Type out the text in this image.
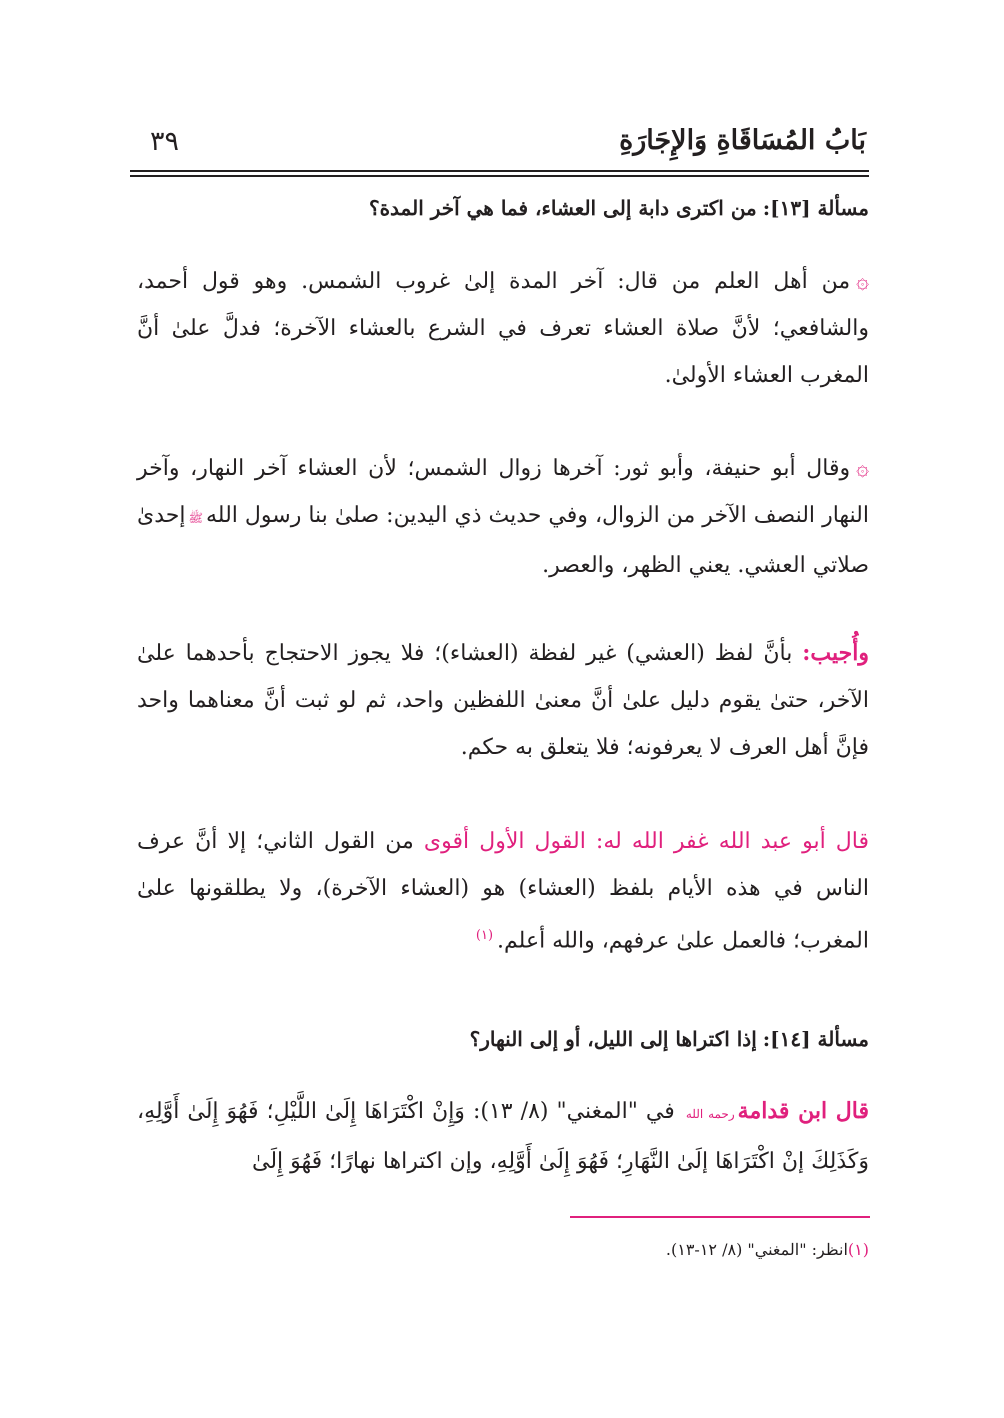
بَابُ المُسَاقَاةِ وَالإِجَارَةِ
٣٩
مسألة [١٣]:من اكترى دابة إلى العشاء، فما هي آخر المدة؟
۞من أهل العلم من قال: آخر المدة إلىٰ غروب الشمس. وهو قول أحمد، والشافعي؛ لأنَّ صلاة العشاء تعرف في الشرع بالعشاء الآخرة؛ فدلَّ علىٰ أنَّ المغرب العشاء الأولىٰ.
۞وقال أبو حنيفة، وأبو ثور: آخرها زوال الشمس؛ لأن العشاء آخر النهار، وآخر النهار النصف الآخر من الزوال، وفي حديث ذي اليدين: صلىٰ بنا رسول اللهﷺإحدىٰ صلاتي العشي. يعني الظهر، والعصر.
وأُجيب: بأنَّ لفظ (العشي) غير لفظة (العشاء)؛ فلا يجوز الاحتجاج بأحدهما علىٰ الآخر، حتىٰ يقوم دليل علىٰ أنَّ معنىٰ اللفظين واحد، ثم لو ثبت أنَّ معناهما واحد فإنَّ أهل العرف لا يعرفونه؛ فلا يتعلق به حكم.
قال أبو عبد الله غفر الله له: القول الأول أقوى من القول الثاني؛ إلا أنَّ عرف الناس في هذه الأيام بلفظ (العشاء) هو (العشاء الآخرة)، ولا يطلقونها علىٰ المغرب؛ فالعمل علىٰ عرفهم، والله أعلم.$^{(١)}$
مسألة [١٤]:إذا اكتراها إلى الليل، أو إلى النهار؟
قال ابن قدامةرحمه الله في "المغني" (٨/ ١٣): وَإِنْ اكْتَرَاهَا إِلَىٰ اللَّيْلِ؛ فَهُوَ إِلَىٰ أَوَّلِهِ، وَكَذَلِكَ إنْ اكْتَرَاهَا إلَىٰ النَّهَارِ؛ فَهُوَ إِلَىٰ أَوَّلِهِ، وإن اكتراها نهارًا؛ فَهُوَ إِلَىٰ
(١)انظر: "المغني" (٨/ ١٢-١٣).
